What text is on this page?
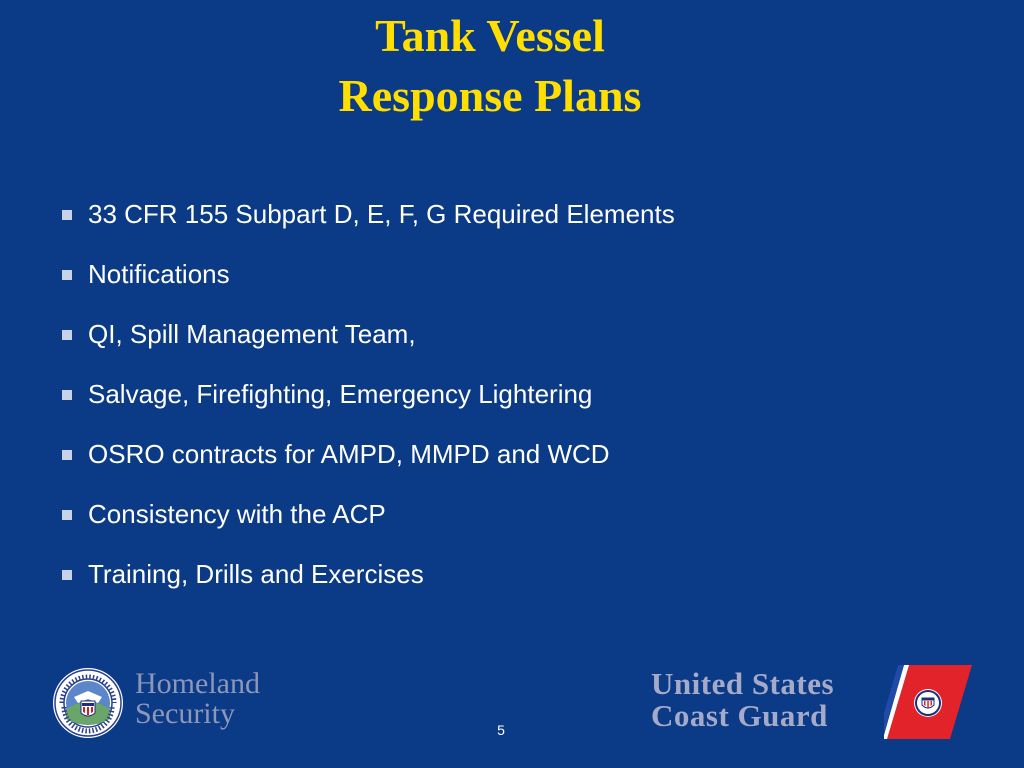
Tank Vessel
Response Plans
33 CFR 155 Subpart D, E, F, G Required Elements
Notifications
QI, Spill Management Team,
Salvage, Firefighting, Emergency Lightering
OSRO contracts for AMPD, MMPD and WCD
Consistency with the ACP
Training, Drills and Exercises
Homeland
Security	5
United States
Coast Guard
